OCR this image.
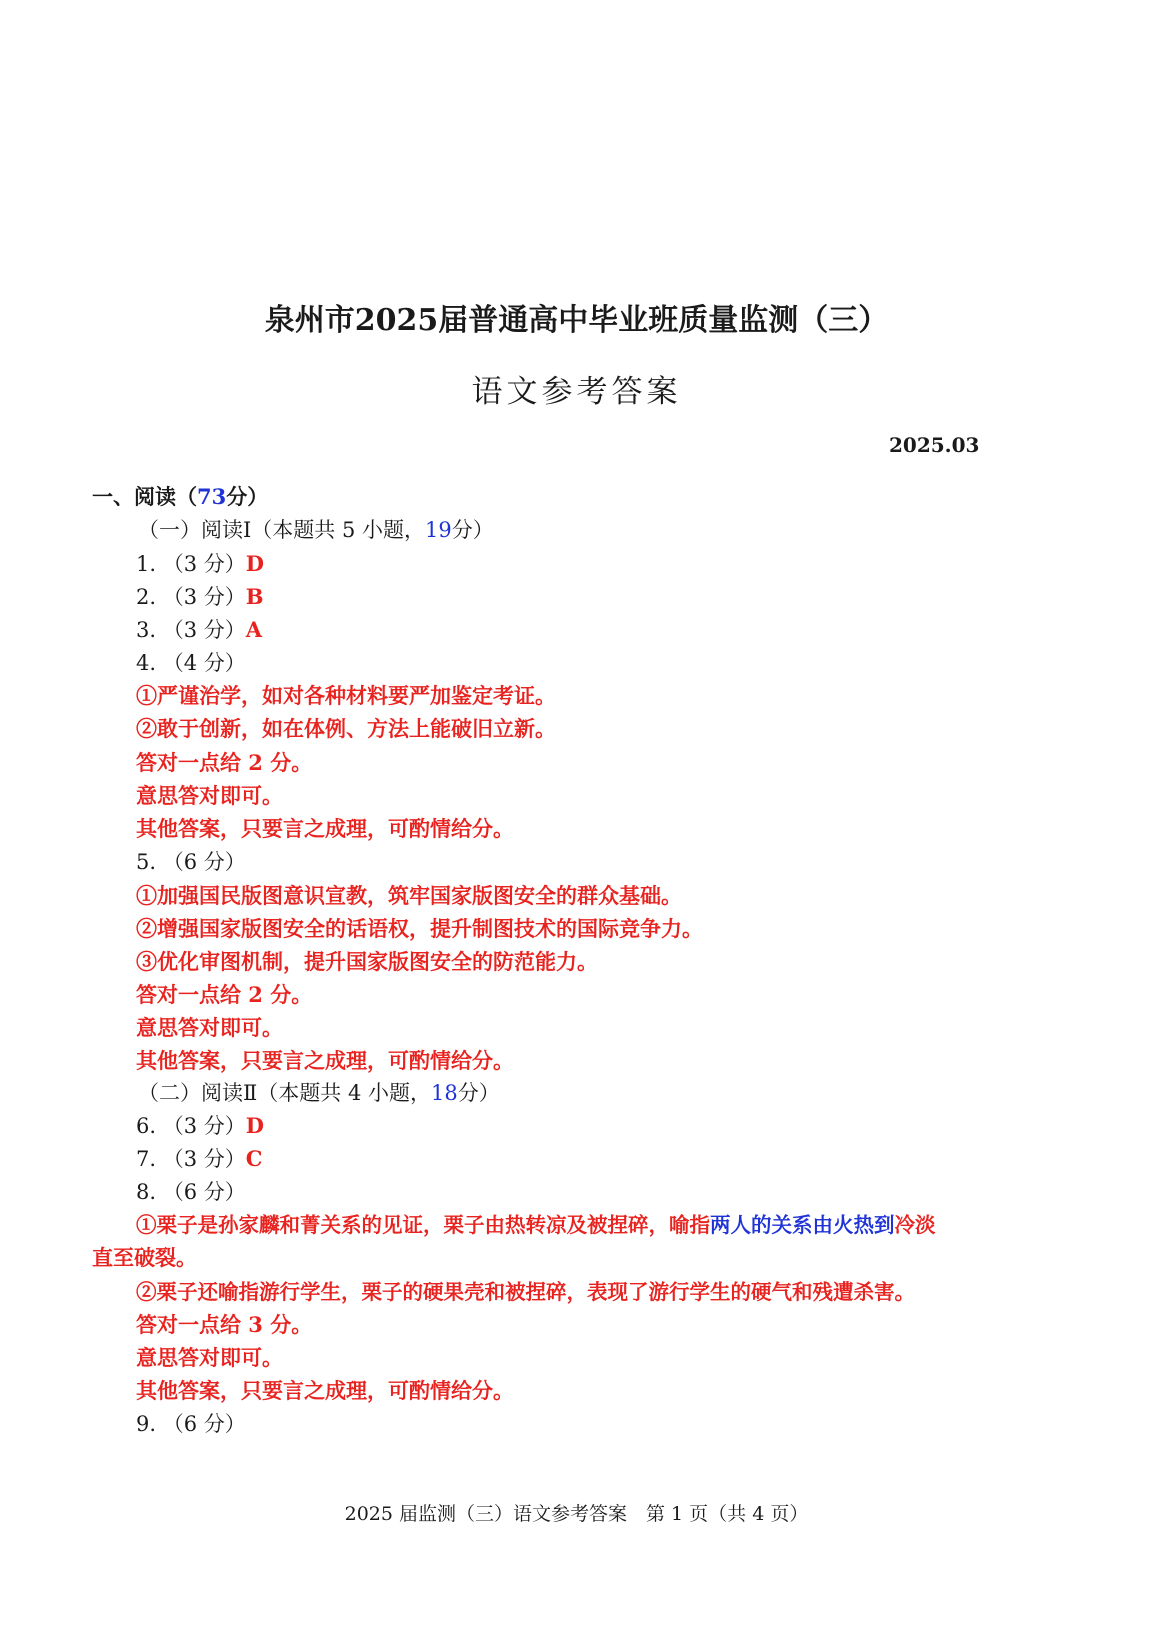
泉州市2025届普通高中毕业班质量监测（三）
语文参考答案
2025.03
一、阅读（73分）
（一）阅读Ⅰ（本题共 5 小题，19分）
1. （3 分）D
2. （3 分）B
3. （3 分）A
4. （4 分）
①严谨治学，如对各种材料要严加鉴定考证。
②敢于创新，如在体例、方法上能破旧立新。
答对一点给 2 分。
意思答对即可。
其他答案，只要言之成理，可酌情给分。
5. （6 分）
①加强国民版图意识宣教，筑牢国家版图安全的群众基础。
②增强国家版图安全的话语权，提升制图技术的国际竞争力。
③优化审图机制，提升国家版图安全的防范能力。
答对一点给 2 分。
意思答对即可。
其他答案，只要言之成理，可酌情给分。
（二）阅读Ⅱ（本题共 4 小题，18分）
6. （3 分）D
7. （3 分）C
8. （6 分）
①栗子是孙家麟和菁关系的见证，栗子由热转凉及被捏碎，喻指两人的关系由火热到冷淡
直至破裂。
②栗子还喻指游行学生，栗子的硬果壳和被捏碎，表现了游行学生的硬气和残遭杀害。
答对一点给 3 分。
意思答对即可。
其他答案，只要言之成理，可酌情给分。
9. （6 分）
2025 届监测（三）语文参考答案　第 1 页（共 4 页）
